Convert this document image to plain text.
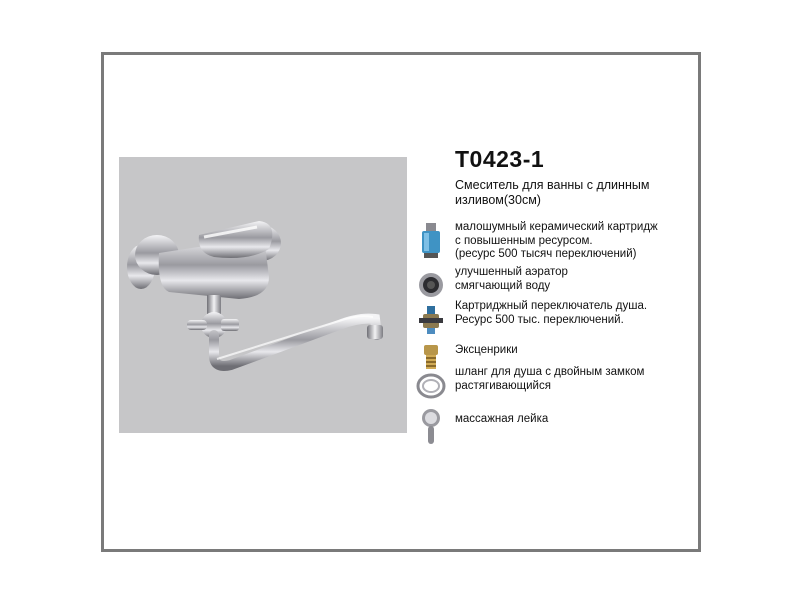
T0423-1
Смеситель для ванны с длинным изливом(30см)
малошумный керамический картридж
с повышенным ресурсом.
(ресурс 500 тысяч переключений)
улучшенный аэратор
смягчающий воду
Картриджный переключатель душа.
Ресурс 500 тыс. переключений.
Эксценрики
шланг для душа с двойным замком
растягивающийся
массажная лейка
